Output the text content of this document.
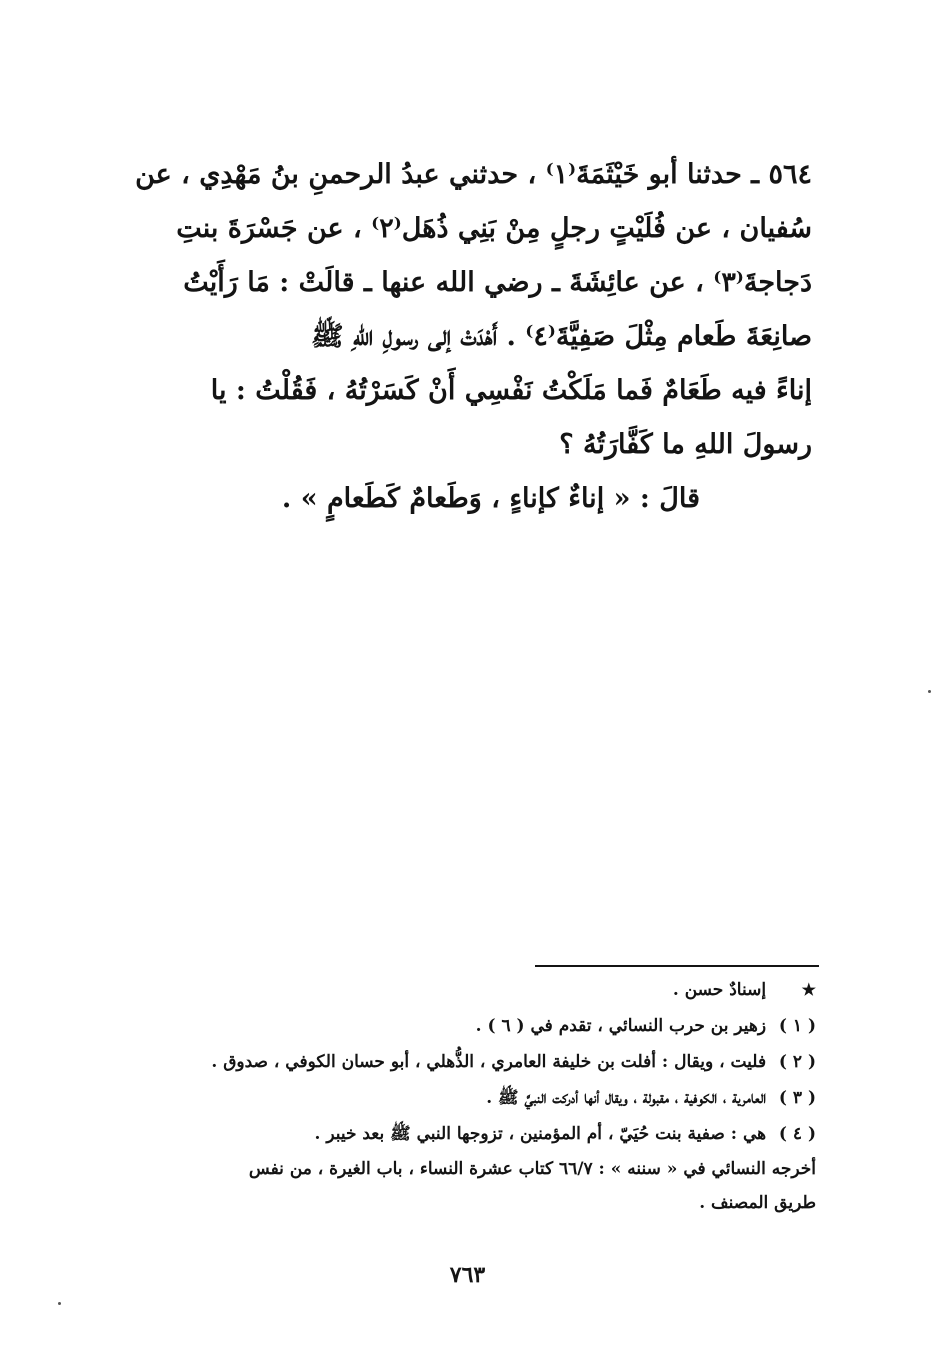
٥٦٤ ـ حدثنا أبو خَيْثَمَةَ⁽١⁾ ، حدثني عبدُ الرحمنِ بنُ مَهْدِي ، عن
سُفيان ، عن فُلَيْتٍ رجلٍ مِنْ بَنِي ذُهَل⁽٢⁾ ، عن جَسْرَةَ بنتِ
دَجاجةَ⁽٣⁾ ، عن عائِشَةَ ـ رضي الله عنها ـ قالَتْ : مَا رَأَيْتُ
صانِعَةَ طَعام مِثْلَ صَفِيَّةَ⁽٤⁾ . أَهْدَتْ إلى رسولِ اللهِ ﷺ
إناءً فيه طَعَامٌ فَما مَلَكْتُ نَفْسِي أَنْ كَسَرْتُهُ ، فَقُلْتُ : يا
رسولَ اللهِ ما كَفَّارَتُهُ ؟
قالَ : « إناءٌ كإناءٍ ، وَطَعامٌ كَطَعامٍ » .
★ إسنادٌ حسن .
( ١ ) زهير بن حرب النسائي ، تقدم في ( ٦ ) .
( ٢ ) فليت ، ويقال : أفلت بن خليفة العامري ، الذُّهلي ، أبو حسان الكوفي ، صدوق .
( ٣ ) العامرية ، الكوفية ، مقبولة ، ويقال أنها أدركت النبيَّ ﷺ .
( ٤ ) هي : صفية بنت حُيَيّ ، أم المؤمنين ، تزوجها النبي ﷺ بعد خيبر .
أخرجه النسائي في « سننه » : ٦٦/٧ كتاب عشرة النساء ، باب الغيرة ، من نفس
طريق المصنف .
٧٦٣
